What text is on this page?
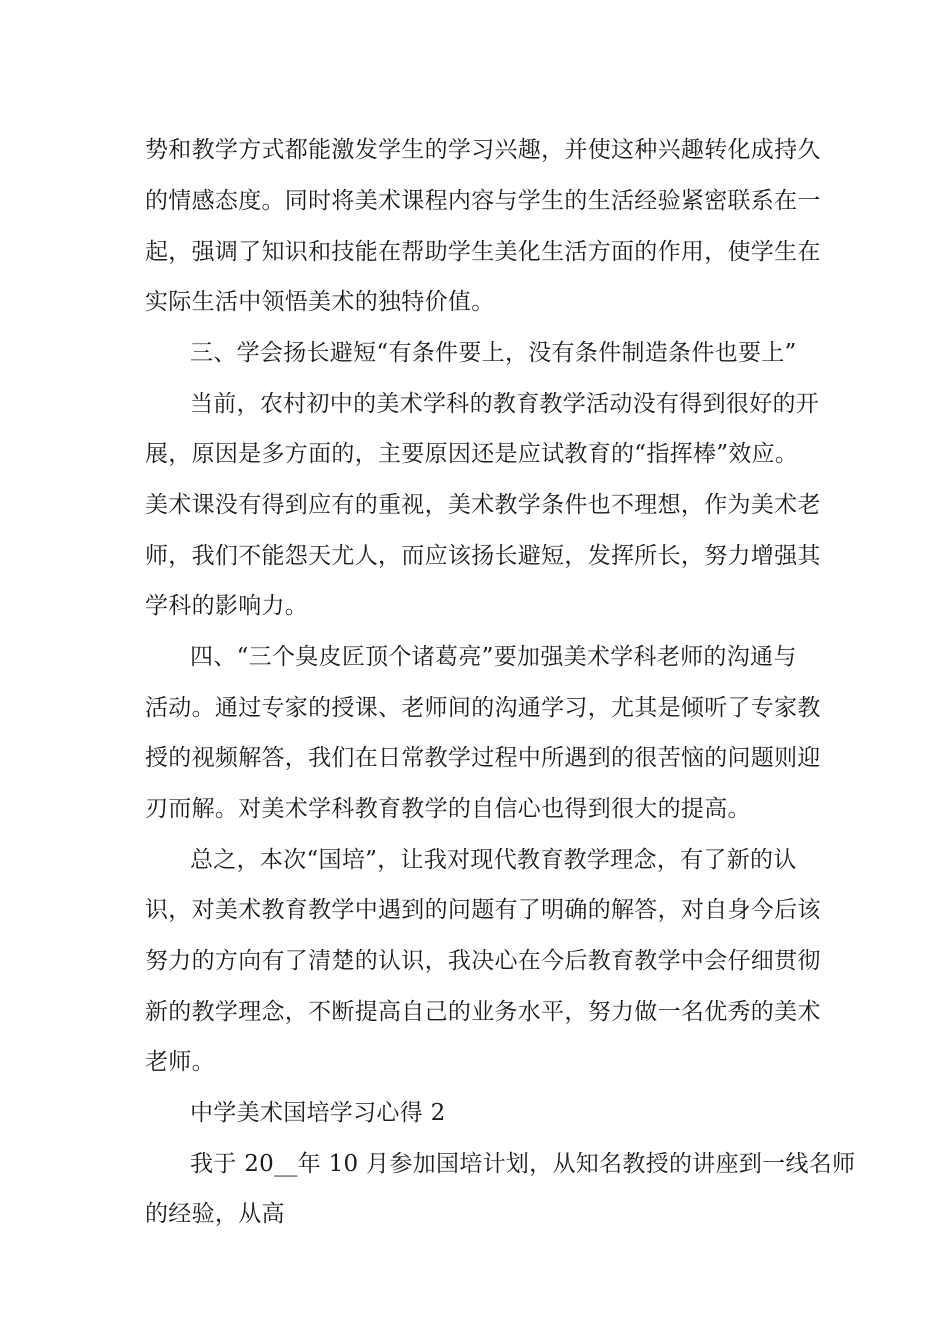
势和教学方式都能激发学生的学习兴趣，并使这种兴趣转化成持久
的情感态度。同时将美术课程内容与学生的生活经验紧密联系在一
起，强调了知识和技能在帮助学生美化生活方面的作用，使学生在
实际生活中领悟美术的独特价值。
三、学会扬长避短“有条件要上，没有条件制造条件也要上”
当前，农村初中的美术学科的教育教学活动没有得到很好的开
展，原因是多方面的，主要原因还是应试教育的“指挥棒”效应。
美术课没有得到应有的重视，美术教学条件也不理想，作为美术老
师，我们不能怨天尤人，而应该扬长避短，发挥所长，努力增强其
学科的影响力。
四、“三个臭皮匠顶个诸葛亮”要加强美术学科老师的沟通与
活动。通过专家的授课、老师间的沟通学习，尤其是倾听了专家教
授的视频解答，我们在日常教学过程中所遇到的很苦恼的问题则迎
刃而解。对美术学科教育教学的自信心也得到很大的提高。
总之，本次“国培”，让我对现代教育教学理念，有了新的认
识，对美术教育教学中遇到的问题有了明确的解答，对自身今后该
努力的方向有了清楚的认识，我决心在今后教育教学中会仔细贯彻
新的教学理念，不断提高自己的业务水平，努力做一名优秀的美术
老师。
中学美术国培学习心得 2
我于 20__年 10 月参加国培计划，从知名教授的讲座到一线名师
的经验，从高
